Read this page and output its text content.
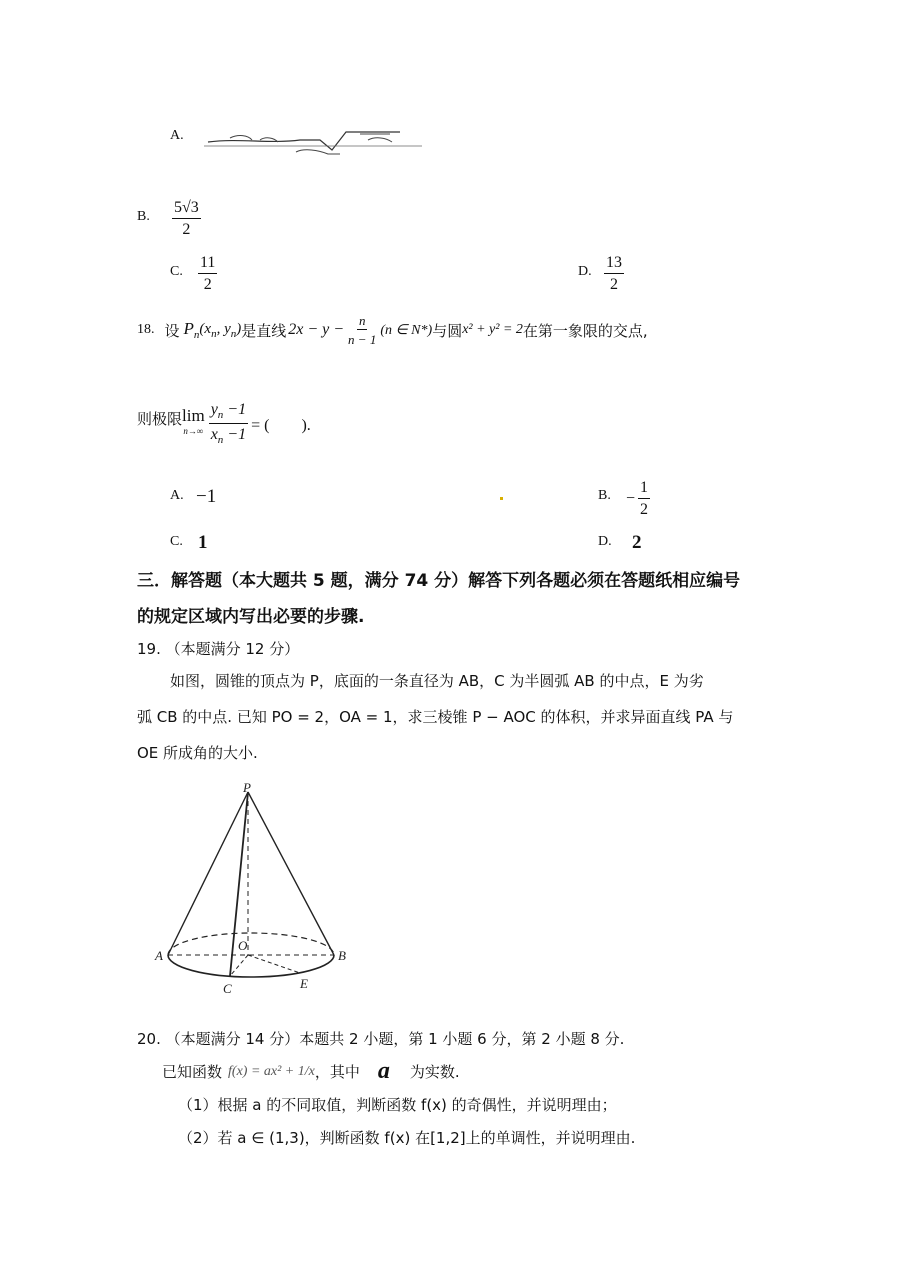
A.
B. $\frac{5√3}{2}$
C. $\frac{11}{2}$	D. $\frac{13}{2}$
18. 设 $P_n$ ($x_n$, $y_n$) 是直线 $2x - y - \frac{n}{n - 1} (n$ ∈ N*) 与圆 x² + y² = 2 在第一象限的交点,
则极限 lim
$n\to\infty \frac{y_n -1}{x_n -1}$ = (　　).
A. −1	B. − $\frac{1}{2}$
C. 1	D. 2
三．解答题（本大题共 5 题，满分 74 分）解答下列各题必须在答题纸相应编号
的规定区域内写出必要的步骤.
19. （本题满分 12 分）
如图，圆锥的顶点为 P，底面的一条直径为 AB，C 为半圆弧 AB 的中点，E 为劣
弧 CB 的中点. 已知 PO = 2，OA = 1，求三棱锥 P − AOC 的体积，并求异面直线 PA 与
OE 所成角的大小.
P
A	B
O
C	E
20. （本题满分 14 分）本题共 2 小题，第 1 小题 6 分，第 2 小题 8 分.
已知函数 f(x) = ax² + 1/x ，其中 a 为实数.
（1）根据 a 的不同取值，判断函数 f(x) 的奇偶性，并说明理由；
（2）若 a ∈ (1,3)，判断函数 f(x) 在[1,2]上的单调性，并说明理由.
